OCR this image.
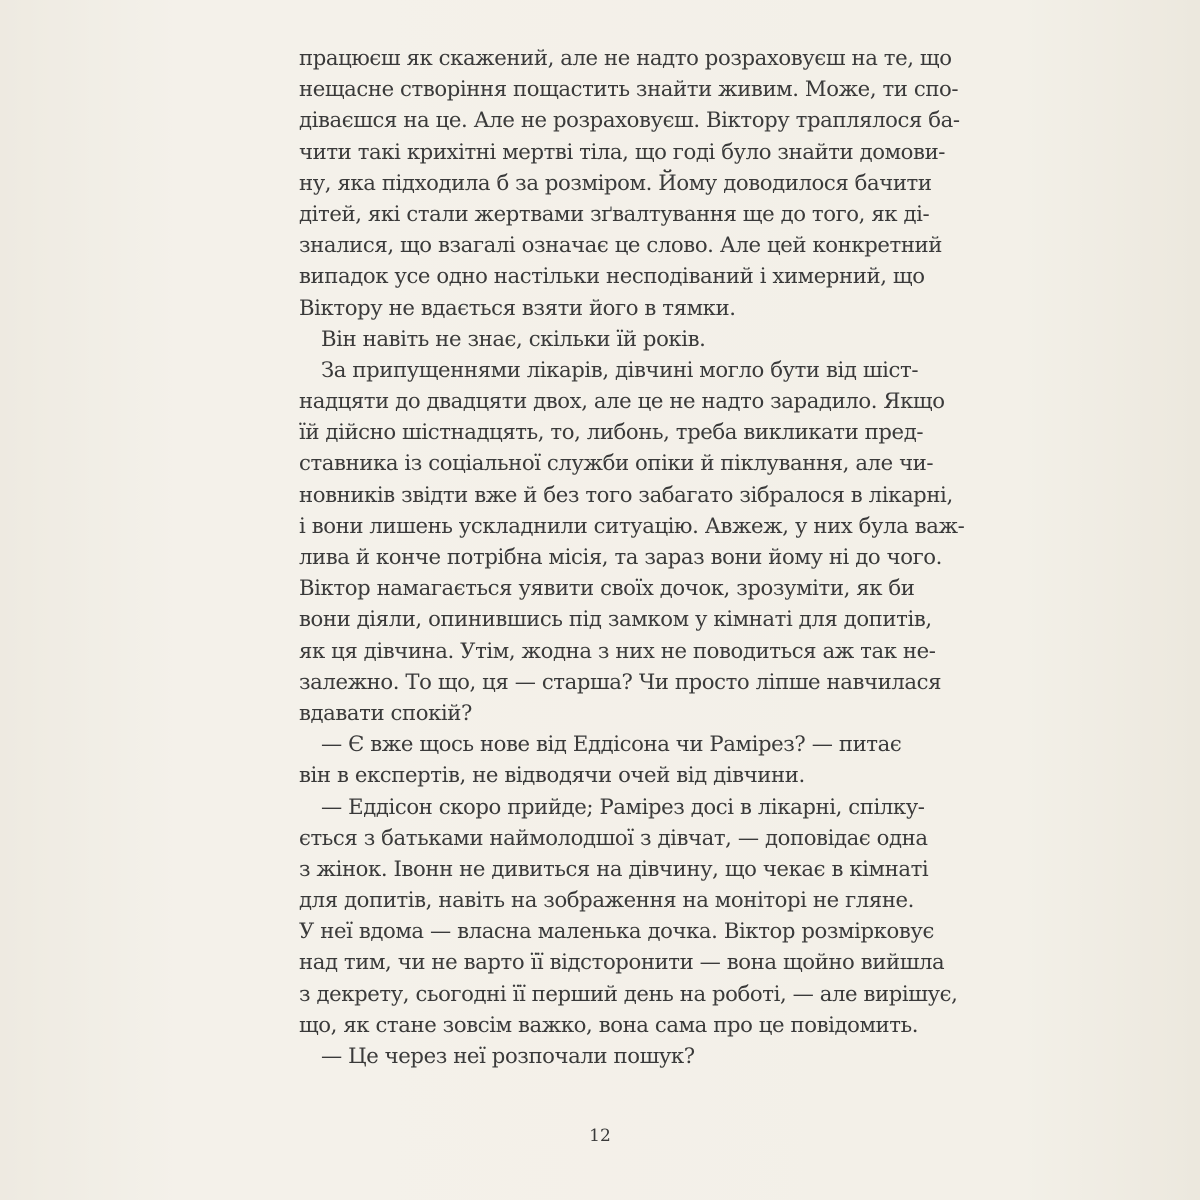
працюєш як скажений, але не надто розраховуєш на те, що
нещасне створіння пощастить знайти живим. Може, ти спо-
діваєшся на це. Але не розраховуєш. Віктору траплялося ба-
чити такі крихітні мертві тіла, що годі було знайти домови-
ну, яка підходила б за розміром. Йому доводилося бачити
дітей, які стали жертвами зґвалтування ще до того, як ді-
зналися, що взагалі означає це слово. Але цей конкретний
випадок усе одно настільки несподіваний і химерний, що
Віктору не вдається взяти його в тямки.
Він навіть не знає, скільки їй років.
За припущеннями лікарів, дівчині могло бути від шіст-
надцяти до двадцяти двох, але це не надто зарадило. Якщо
їй дійсно шістнадцять, то, либонь, треба викликати пред-
ставника із соціальної служби опіки й піклування, але чи-
новників звідти вже й без того забагато зібралося в лікарні,
і вони лишень ускладнили ситуацію. Авжеж, у них була важ-
лива й конче потрібна місія, та зараз вони йому ні до чого.
Віктор намагається уявити своїх дочок, зрозуміти, як би
вони діяли, опинившись під замком у кімнаті для допитів,
як ця дівчина. Утім, жодна з них не поводиться аж так не-
залежно. То що, ця — старша? Чи просто ліпше навчилася
вдавати спокій?
— Є вже щось нове від Еддісона чи Рамірез? — питає
він в експертів, не відводячи очей від дівчини.
— Еддісон скоро прийде; Рамірез досі в лікарні, спілку-
ється з батьками наймолодшої з дівчат, — доповідає одна
з жінок. Івонн не дивиться на дівчину, що чекає в кімнаті
для допитів, навіть на зображення на моніторі не гляне.
У неї вдома — власна маленька дочка. Віктор розмірковує
над тим, чи не варто її відсторонити — вона щойно вийшла
з декрету, сьогодні її перший день на роботі, — але вирішує,
що, як стане зовсім важко, вона сама про це повідомить.
— Це через неї розпочали пошук?
12
